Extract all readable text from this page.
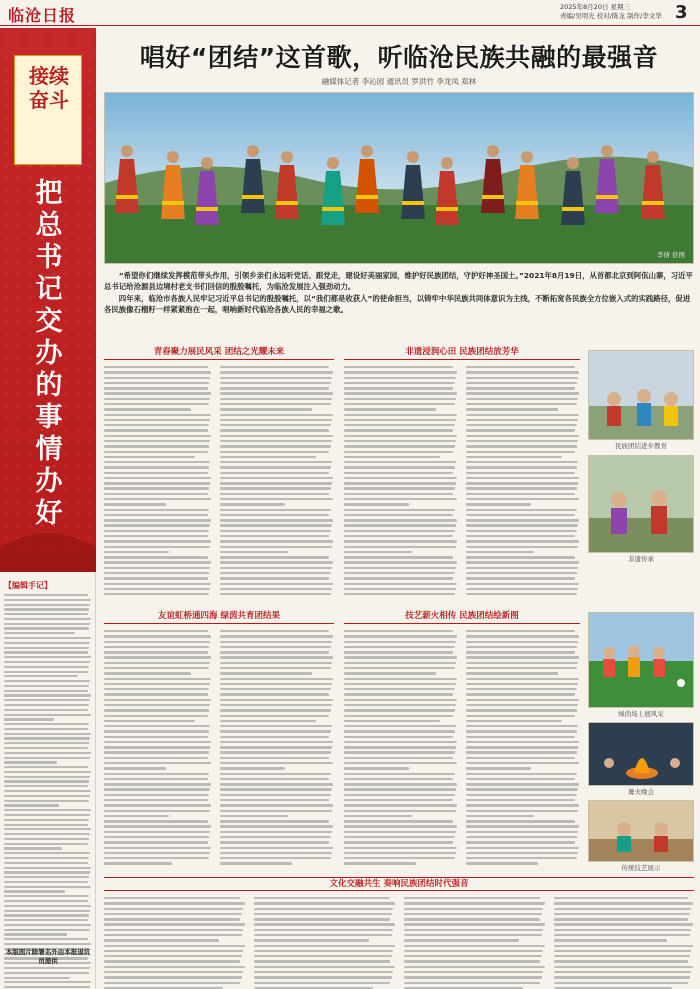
临沧日报	2025年8月20日 星期三
责编/吴明光 校对/陈龙 制作/李文华 3
接续奋斗
把总书记交办的事情办好
【编辑手记】
本版图片除署名外由本报退坑员提供
唱好“团结”这首歌，听临沧民族共融的最强音
融媒体记者 李沁园 通讯员 罗洪竹 李龙凤 郑林
李倩 供图

“希望你们继续发挥模范带头作用，引领乡亲们永远听党话、跟党走，建设好美丽家园，维护好民族团结，守护好神圣国土。”2021年8月19日，从首都北京到阿佤山寨，习近平总书记给沧源县边境村老支书们回信的殷殷嘱托，为临沧发展注入强劲动力。

四年来，临沧市各族人民牢记习近平总书记的殷殷嘱托，以“我们都是收获人”的使命担当，以铸牢中华民族共同体意识为主线，不断拓宽各民族全方位嵌入式的实践路径，促进各民族像石榴籽一样紧紧抱在一起，唱响新时代临沧各族人民的幸福之歌。

青春聚力展民风采 团结之光耀未来	非遗浸润心田 民族团结放芳华
友谊虹桥通四海 绿茵共育团结果	技艺薪火相传 民族团结绘新图
民族团结进步教育
非遗传承
绿茵场上展风采
篝火晚会
传统技艺展示
文化交融共生 奏响民族团结时代强音
